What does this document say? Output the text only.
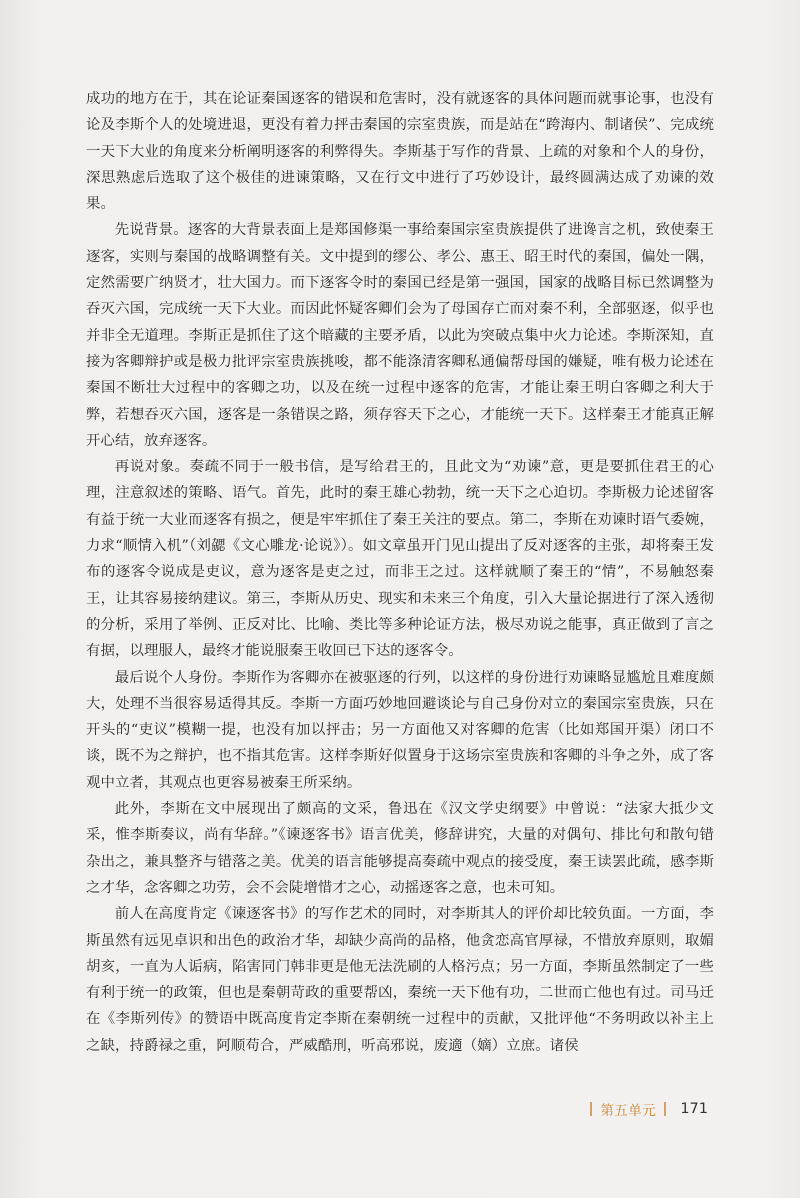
成功的地方在于，其在论证秦国逐客的错误和危害时，没有就逐客的具体问题而就事论事，也没有论及李斯个人的处境进退，更没有着力抨击秦国的宗室贵族，而是站在“跨海内、制诸侯”、完成统一天下大业的角度来分析阐明逐客的利弊得失。李斯基于写作的背景、上疏的对象和个人的身份，深思熟虑后选取了这个极佳的进谏策略，又在行文中进行了巧妙设计，最终圆满达成了劝谏的效果。

先说背景。逐客的大背景表面上是郑国修渠一事给秦国宗室贵族提供了进谗言之机，致使秦王逐客，实则与秦国的战略调整有关。文中提到的缪公、孝公、惠王、昭王时代的秦国，偏处一隅，定然需要广纳贤才，壮大国力。而下逐客令时的秦国已经是第一强国，国家的战略目标已然调整为吞灭六国，完成统一天下大业。而因此怀疑客卿们会为了母国存亡而对秦不利，全部驱逐，似乎也并非全无道理。李斯正是抓住了这个暗藏的主要矛盾，以此为突破点集中火力论述。李斯深知，直接为客卿辩护或是极力批评宗室贵族挑唆，都不能涤清客卿私通偏帮母国的嫌疑，唯有极力论述在秦国不断壮大过程中的客卿之功，以及在统一过程中逐客的危害，才能让秦王明白客卿之利大于弊，若想吞灭六国，逐客是一条错误之路，须存容天下之心，才能统一天下。这样秦王才能真正解开心结，放弃逐客。

再说对象。奏疏不同于一般书信，是写给君王的，且此文为“劝谏”意，更是要抓住君王的心理，注意叙述的策略、语气。首先，此时的秦王雄心勃勃，统一天下之心迫切。李斯极力论述留客有益于统一大业而逐客有损之，便是牢牢抓住了秦王关注的要点。第二，李斯在劝谏时语气委婉，力求“顺情入机”（刘勰《文心雕龙·论说》）。如文章虽开门见山提出了反对逐客的主张，却将秦王发布的逐客令说成是吏议，意为逐客是吏之过，而非王之过。这样就顺了秦王的“情”，不易触怒秦王，让其容易接纳建议。第三，李斯从历史、现实和未来三个角度，引入大量论据进行了深入透彻的分析，采用了举例、正反对比、比喻、类比等多种论证方法，极尽劝说之能事，真正做到了言之有据，以理服人，最终才能说服秦王收回已下达的逐客令。

最后说个人身份。李斯作为客卿亦在被驱逐的行列，以这样的身份进行劝谏略显尴尬且难度颇大，处理不当很容易适得其反。李斯一方面巧妙地回避谈论与自己身份对立的秦国宗室贵族，只在开头的“吏议”模糊一提，也没有加以抨击；另一方面他又对客卿的危害（比如郑国开渠）闭口不谈，既不为之辩护，也不指其危害。这样李斯好似置身于这场宗室贵族和客卿的斗争之外，成了客观中立者，其观点也更容易被秦王所采纳。

此外，李斯在文中展现出了颇高的文采，鲁迅在《汉文学史纲要》中曾说：“法家大抵少文采，惟李斯奏议，尚有华辞。”《谏逐客书》语言优美，修辞讲究，大量的对偶句、排比句和散句错杂出之，兼具整齐与错落之美。优美的语言能够提高奏疏中观点的接受度，秦王读罢此疏，感李斯之才华，念客卿之功劳，会不会陡增惜才之心，动摇逐客之意，也未可知。

前人在高度肯定《谏逐客书》的写作艺术的同时，对李斯其人的评价却比较负面。一方面，李斯虽然有远见卓识和出色的政治才华，却缺少高尚的品格，他贪恋高官厚禄，不惜放弃原则，取媚胡亥，一直为人诟病，陷害同门韩非更是他无法洗刷的人格污点；另一方面，李斯虽然制定了一些有利于统一的政策，但也是秦朝苛政的重要帮凶，秦统一天下他有功，二世而亡他也有过。司马迁在《李斯列传》的赞语中既高度肯定李斯在秦朝统一过程中的贡献，又批评他“不务明政以补主上之缺，持爵禄之重，阿顺苟合，严威酷刑，听高邪说，废適（嫡）立庶。诸侯

第五单元 171
